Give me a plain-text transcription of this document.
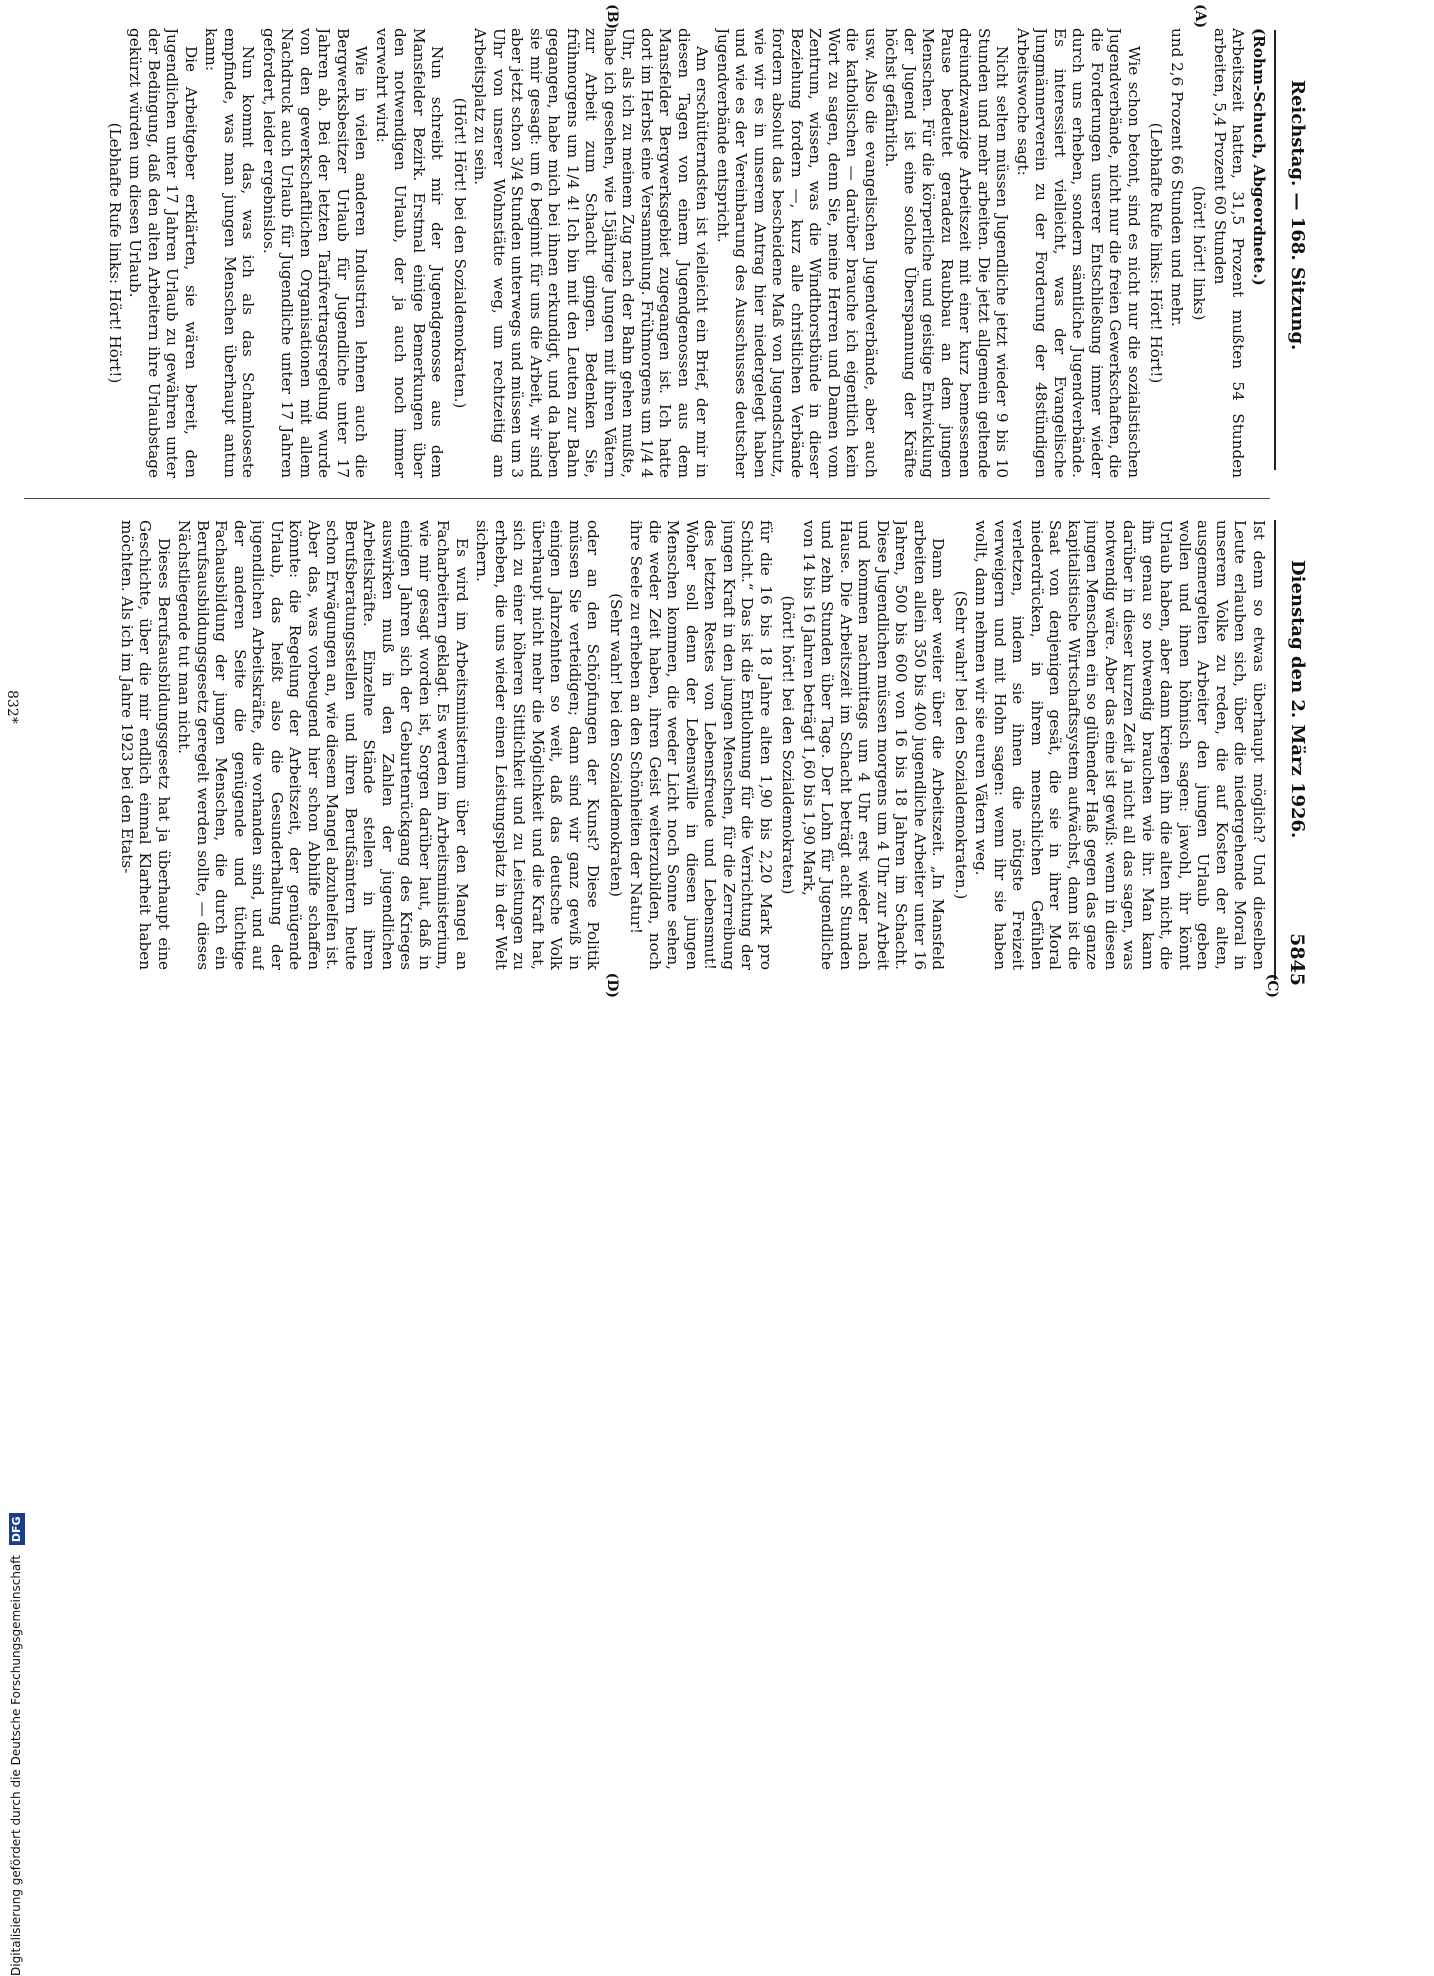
Reichstag. — 168. Sitzung.
Dienstag den 2. März 1926.
5845
(A)
(B)
(C)
(D)

(Rohm-Schuch, Abgeordnete.)

Arbeitszeit hatten, 31,5 Prozent mußten 54 Stunden arbeiten, 5,4 Prozent 60 Stunden

(hört! hört! links)

und 2,6 Prozent 66 Stunden und mehr.

(Lebhafte Rufe links: Hört! Hört!)

Wie schon betont, sind es nicht nur die sozialistischen Jugendverbände, nicht nur die freien Gewerkschaften, die die Forderungen unserer Entschließung immer wieder durch uns erheben, sondern sämtliche Jugendverbände. Es interessiert vielleicht, was der Evangelische Jungmännerverein zu der Forderung der 48stündigen Arbeitswoche sagt:

Nicht selten müssen Jugendliche jetzt wieder 9 bis 10 Stunden und mehr arbeiten. Die jetzt allgemein geltende dreiundzwanzige Arbeitszeit mit einer kurz bemessenen Pause bedeutet geradezu Raubbau an dem jungen Menschen. Für die körperliche und geistige Entwicklung der Jugend ist eine solche Überspannung der Kräfte höchst gefährlich.

usw. Also die evangelischen Jugendverbände, aber auch die katholischen — darüber brauche ich eigentlich kein Wort zu sagen, denn Sie, meine Herren und Damen vom Zentrum, wissen, was die Windthorstbünde in dieser Beziehung fordern —, kurz alle christlichen Verbände fordern absolut das bescheidene Maß von Jugendschutz, wie wir es in unserem Antrag hier niedergelegt haben und wie es der Vereinbarung des Ausschusses deutscher Jugendverbände entspricht.

Am erschütterndsten ist vielleicht ein Brief, der mir in diesen Tagen von einem Jugendgenossen aus dem Mansfelder Bergwerksgebiet zugegangen ist. Ich hatte dort im Herbst eine Versammlung. Frühmorgens um 1/4 4 Uhr, als ich zu meinem Zug nach der Bahn gehen mußte, habe ich gesehen, wie 15jährige Jungen mit ihren Vätern zur Arbeit zum Schacht gingen. Bedenken Sie, frühmorgens um 1/4 4! Ich bin mit den Leuten zur Bahn gegangen, habe mich bei ihnen erkundigt, und da haben sie mir gesagt: um 6 beginnt für uns die Arbeit, wir sind aber jetzt schon 3/4 Stunden unterwegs und müssen um 3 Uhr von unserer Wohnstätte weg, um rechtzeitig am Arbeitsplatz zu sein.

(Hört! Hört! bei den Sozialdemokraten.)

Nun schreibt mir der Jugendgenosse aus dem Mansfelder Bezirk. Erstmal einige Bemerkungen über den notwendigen Urlaub, der ja auch noch immer verwehrt wird:

Wie in vielen anderen Industrien lehnen auch die Bergwerksbesitzer Urlaub für Jugendliche unter 17 Jahren ab. Bei der letzten Tarifvertragsregelung wurde von den gewerkschaftlichen Organisationen mit allem Nachdruck auch Urlaub für Jugendliche unter 17 Jahren gefordert, leider ergebnislos.

Nun kommt das, was ich als das Schamloseste empfinde, was man jungen Menschen überhaupt antun kann:

Die Arbeitgeber erklärten, sie wären bereit, den Jugendlichen unter 17 Jahren Urlaub zu gewähren unter der Bedingung, daß den alten Arbeitern ihre Urlaubstage gekürzt würden um diesen Urlaub.

(Lebhafte Rufe links: Hört! Hört!)

Ist denn so etwas überhaupt möglich? Und dieselben Leute erlauben sich, über die niedergehende Moral in unserem Volke zu reden, die auf Kosten der alten, ausgemergelten Arbeiter den jungen Urlaub geben wollen und ihnen höhnisch sagen: jawohl, ihr könnt Urlaub haben, aber dann kriegen ihn die alten nicht, die ihn genau so notwendig brauchen wie ihr. Man kann darüber in dieser kurzen Zeit ja nicht all das sagen, was notwendig wäre. Aber das eine ist gewiß: wenn in diesen jungen Menschen ein so glühender Haß gegen das ganze kapitalistische Wirtschaftssystem aufwächst, dann ist die Saat von denjenigen gesät, die sie in ihrer Moral niederdrücken, in ihrem menschlichen Gefühlen verletzen, indem sie ihnen die nötigste Freizeit verweigern und mit Hohn sagen: wenn ihr sie haben wollt, dann nehmen wir sie euren Vätern weg.

(Sehr wahr! bei den Sozialdemokraten.)

Dann aber weiter über die Arbeitszeit. „In Mansfeld arbeiten allein 350 bis 400 jugendliche Arbeiter unter 16 Jahren, 500 bis 600 von 16 bis 18 Jahren im Schacht. Diese Jugendlichen müssen morgens um 4 Uhr zur Arbeit und kommen nachmittags um 4 Uhr erst wieder nach Hause. Die Arbeitszeit im Schacht beträgt acht Stunden und zehn Stunden über Tage. Der Lohn für Jugendliche von 14 bis 16 Jahren beträgt 1,60 bis 1,90 Mark,

(hört! hört! bei den Sozialdemokraten)

für die 16 bis 18 Jahre alten 1,90 bis 2,20 Mark pro Schicht.“ Das ist die Entlohnung für die Verrichtung der jungen Kraft in den jungen Menschen, für die Zerreibung des letzten Restes von Lebensfreude und Lebensmut! Woher soll denn der Lebenswille in diesen jungen Menschen kommen, die weder Licht noch Sonne sehen, die weder Zeit haben, ihren Geist weiterzubilden, noch ihre Seele zu erheben an den Schönheiten der Natur!

(Sehr wahr! bei den Sozialdemokraten)

oder an den Schöpfungen der Kunst? Diese Politik müssen Sie verteidigen; dann sind wir ganz gewiß in einigen Jahrzehnten so weit, daß das deutsche Volk überhaupt nicht mehr die Möglichkeit und die Kraft hat, sich zu einer höheren Sittlichkeit und zu Leistungen zu erheben, die uns wieder einen Leistungsplatz in der Welt sichern.

Es wird im Arbeitsministerium über den Mangel an Facharbeitern geklagt. Es werden im Arbeitsministerium, wie mir gesagt worden ist, Sorgen darüber laut, daß in einigen Jahren sich der Geburtenrückgang des Krieges auswirken muß in den Zahlen der jugendlichen Arbeitskräfte. Einzelne Stände stellen in ihren Berufsberatungsstellen und ihren Berufsämtern heute schon Erwägungen an, wie diesem Mangel abzuhelfen ist. Aber das, was vorbeugend hier schon Abhilfe schaffen könnte: die Regelung der Arbeitszeit, der genügende Urlaub, das heißt also die Gesunderhaltung der jugendlichen Arbeitskräfte, die vorhanden sind, und auf der anderen Seite die genügende und tüchtige Fachausbildung der jungen Menschen, die durch ein Berufsausbildungsgesetz geregelt werden sollte, — dieses Nächstliegende tut man nicht.

Dieses Berufsausbildungsgesetz hat ja überhaupt eine Geschichte, über die mir endlich einmal Klarheit haben möchten. Als ich im Jahre 1923 bei den Etats-

832*
Digitalisierung gefördert durch die Deutsche Forschungsgemeinschaft DFG
